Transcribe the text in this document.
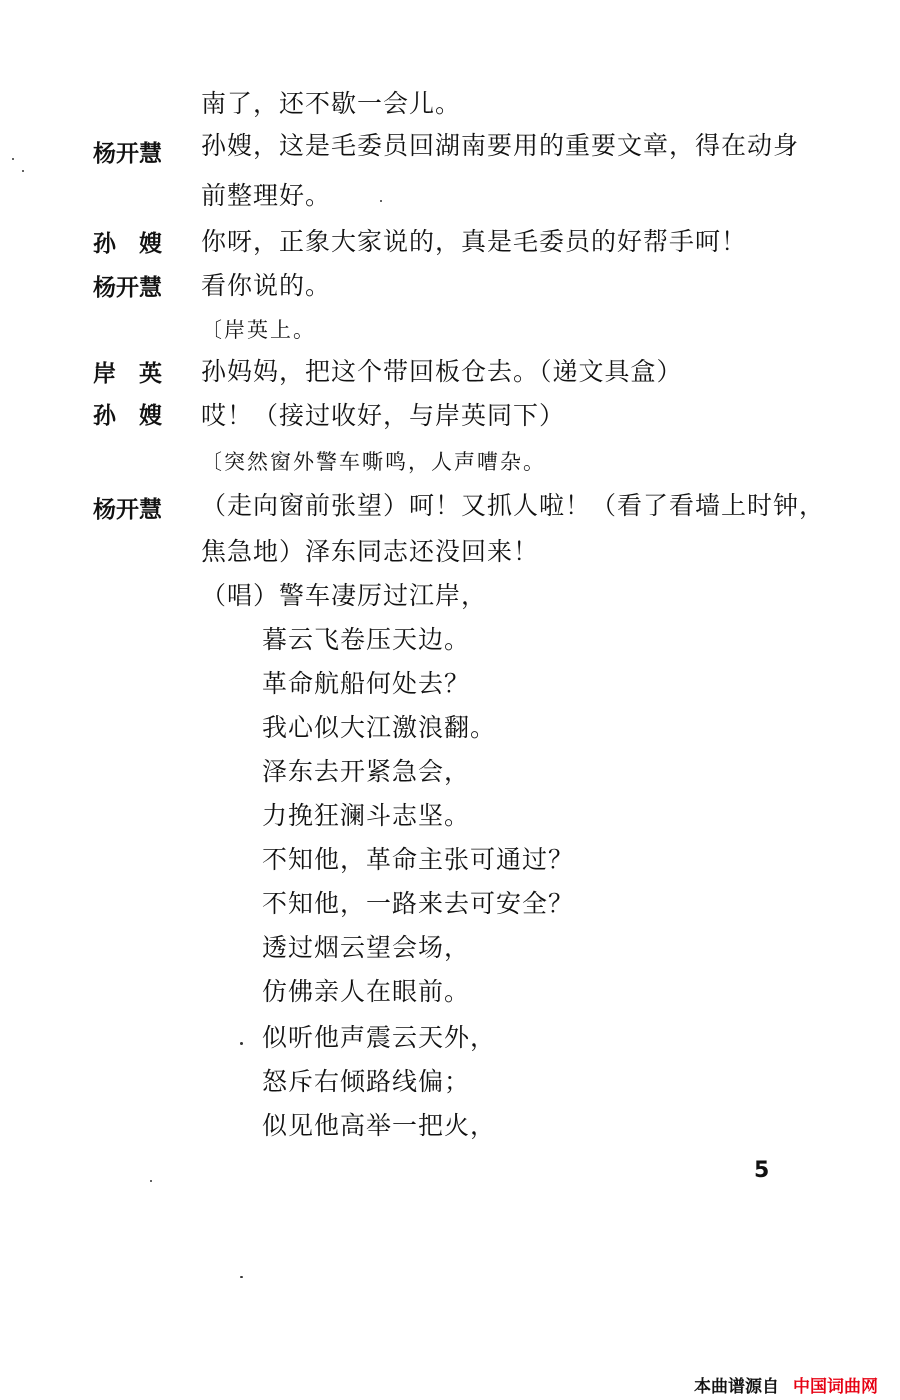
杨开慧
孙　嫂
杨开慧
岸　英
孙　嫂
杨开慧
南了，还不歇一会儿。
孙嫂，这是毛委员回湖南要用的重要文章，得在动身
前整理好。
你呀，正象大家说的，真是毛委员的好帮手呵！
看你说的。
〔岸英上。
孙妈妈，把这个带回板仓去。（递文具盒）
哎！（接过收好，与岸英同下）
〔突然窗外警车嘶鸣，人声嘈杂。
（走向窗前张望）呵！又抓人啦！（看了看墙上时钟，
焦急地）泽东同志还没回来！
（唱）警车凄厉过江岸，
暮云飞卷压天边。
革命航船何处去？
我心似大江激浪翻。
泽东去开紧急会，
力挽狂澜斗志坚。
不知他，革命主张可通过？
不知他，一路来去可安全？
透过烟云望会场，
仿佛亲人在眼前。
似听他声震云天外，
怒斥右倾路线偏；
似见他高举一把火，
5
本曲谱源自 中国词曲网
